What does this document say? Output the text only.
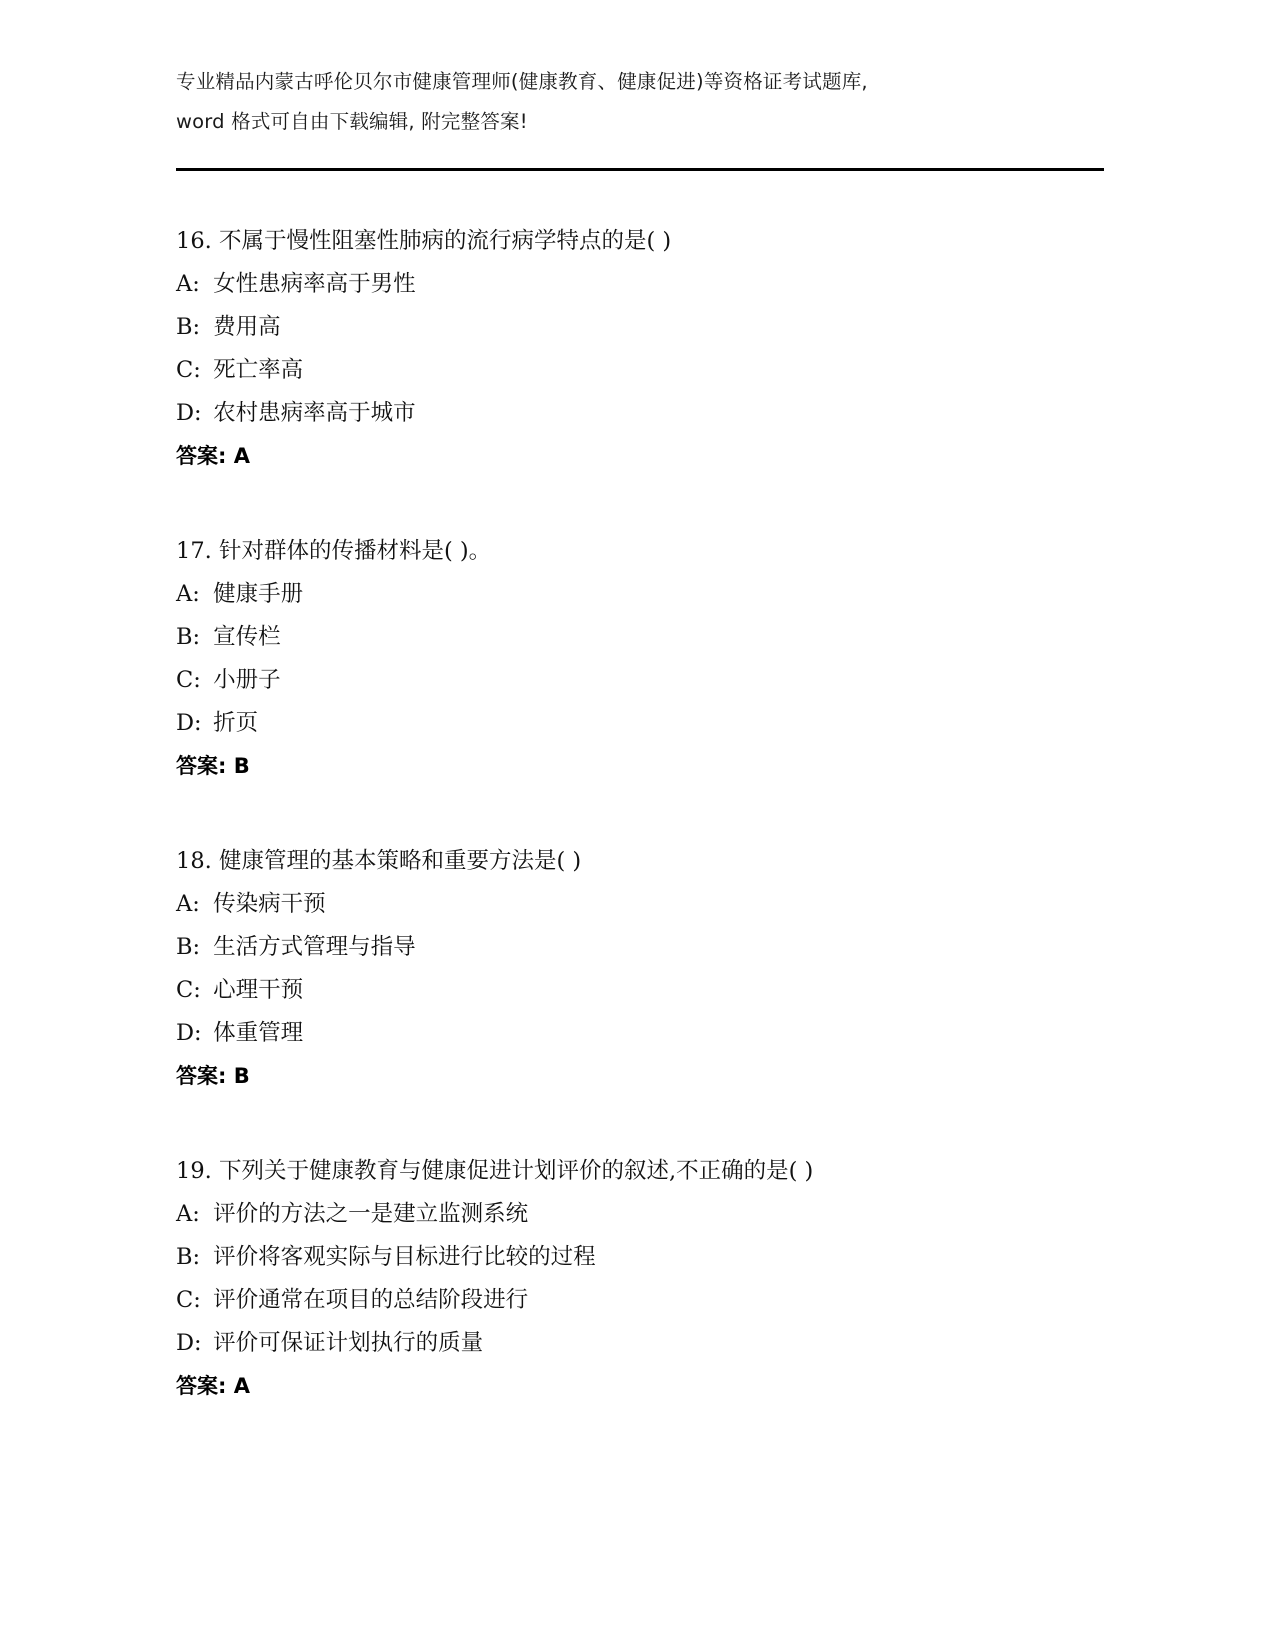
专业精品内蒙古呼伦贝尔市健康管理师(健康教育、健康促进)等资格证考试题库,
word 格式可自由下载编辑, 附完整答案!
16. 不属于慢性阻塞性肺病的流行病学特点的是( )
A: 女性患病率高于男性
B: 费用高
C: 死亡率高
D: 农村患病率高于城市
答案: A
17. 针对群体的传播材料是( )。
A: 健康手册
B: 宣传栏
C: 小册子
D: 折页
答案: B
18. 健康管理的基本策略和重要方法是( )
A: 传染病干预
B: 生活方式管理与指导
C: 心理干预
D: 体重管理
答案: B
19. 下列关于健康教育与健康促进计划评价的叙述,不正确的是( )
A: 评价的方法之一是建立监测系统
B: 评价将客观实际与目标进行比较的过程
C: 评价通常在项目的总结阶段进行
D: 评价可保证计划执行的质量
答案: A
